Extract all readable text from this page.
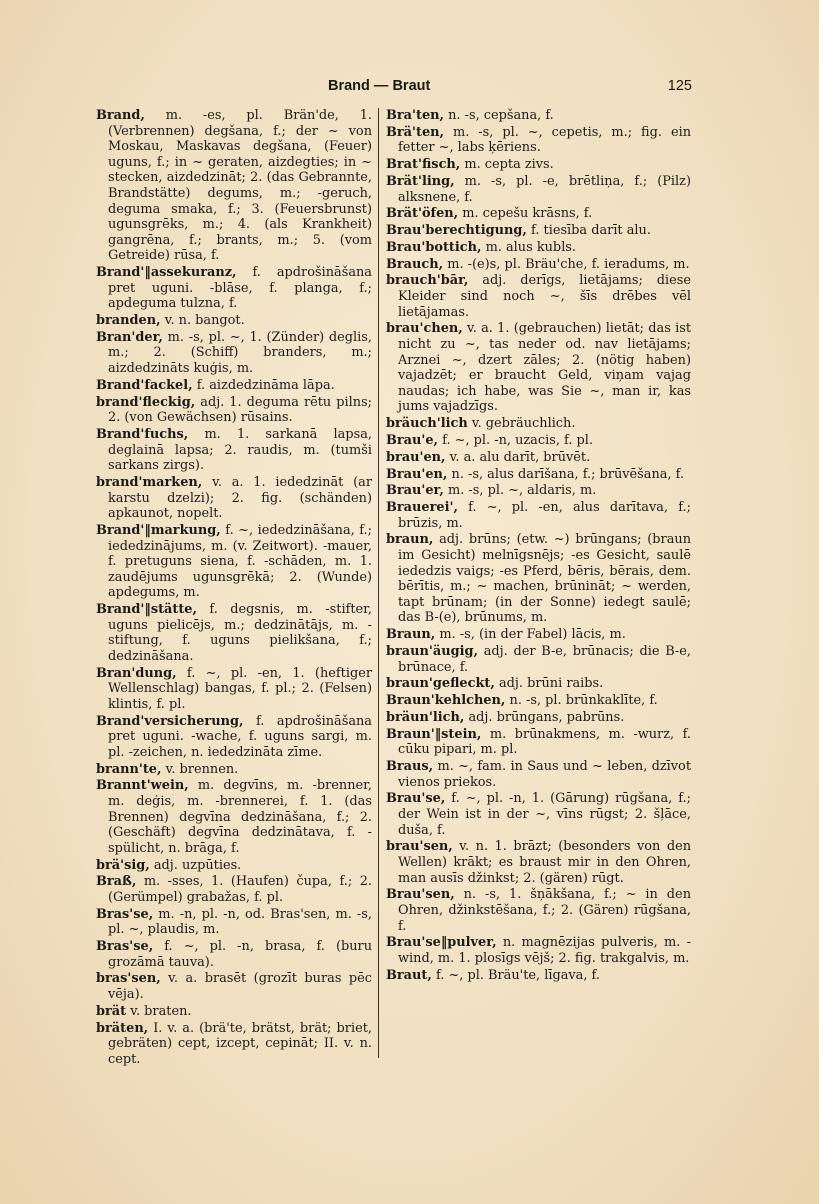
Brand — Braut	125

Brand, m. -es, pl. Brän'de, 1. (Verbrennen) degšana, f.; der ~ von Moskau, Maskavas degšana, (Feuer) uguns, f.; in ~ geraten, aizdegties; in ~ stecken, aizdedzināt; 2. (das Gebrannte, Brandstätte) degums, m.; -geruch, deguma smaka, f.; 3. (Feuersbrunst) ugunsgrēks, m.; 4. (als Krankheit) gangrēna, f.; brants, m.; 5. (vom Getreide) rūsa, f.

Brand'‖assekuranz, f. apdrošināšana pret uguni. -blāse, f. planga, f.; apdeguma tulzna, f.

branden, v. n. bangot.

Bran'der, m. -s, pl. ~, 1. (Zünder) deglis, m.; 2. (Schiff) branders, m.; aizdedzināts kuģis, m.

Brand'fackel, f. aizdedzināma lāpa.

brand'fleckig, adj. 1. deguma rētu pilns; 2. (von Gewächsen) rūsains.

Brand'fuchs, m. 1. sarkanā lapsa, deglainā lapsa; 2. raudis, m. (tumši sarkans zirgs).

brand'marken, v. a. 1. iededzināt (ar karstu dzelzi); 2. fig. (schänden) apkaunot, nopelt.

Brand'‖markung, f. ~, iededzināšana, f.; iededzinājums, m. (v. Zeitwort). -mauer, f. pretuguns siena, f. -schāden, m. 1. zaudējums ugunsgrēkā; 2. (Wunde) apdegums, m.

Brand'‖stätte, f. degsnis, m. -stifter, uguns pielicējs, m.; dedzinātājs, m. -stiftung, f. uguns pielikšana, f.; dedzināšana.

Bran'dung, f. ~, pl. -en, 1. (heftiger Wellenschlag) bangas, f. pl.; 2. (Felsen) klintis, f. pl.

Brand'versicherung, f. apdrošināšana pret uguni. -wache, f. uguns sargi, m. pl. -zeichen, n. iededzināta zīme.

brann'te, v. brennen.

Brannt'wein, m. degvīns, m. -brenner, m. deģis, m. -brennerei, f. 1. (das Brennen) degvīna dedzināšana, f.; 2. (Geschäft) degvīna dedzinātava, f. -spülicht, n. brāga, f.

brä'sig, adj. uzpūties.

Braß, m. -sses, 1. (Haufen) čupa, f.; 2. (Gerümpel) grabažas, f. pl.

Bras'se, m. -n, pl. -n, od. Bras'sen, m. -s, pl. ~, plaudis, m.

Bras'se, f. ~, pl. -n, brasa, f. (buru grozāmā tauva).

bras'sen, v. a. brasēt (grozīt buras pēc vēja).

brät v. braten.

bräten, I. v. a. (brä'te, brätst, brät; briet, gebräten) cept, izcept, cepināt; II. v. n. cept.

Bra'ten, n. -s, cepšana, f.

Brä'ten, m. -s, pl. ~, cepetis, m.; fig. ein fetter ~, labs ķēriens.

Brat'fisch, m. cepta zivs.

Brät'ling, m. -s, pl. -e, brētliņa, f.; (Pilz) alksnene, f.

Brät'öfen, m. cepešu krāsns, f.

Brau'berechtigung, f. tiesība darīt alu.

Brau'bottich, m. alus kubls.

Brauch, m. -(e)s, pl. Bräu'che, f. ieradums, m.

brauch'bār, adj. derīgs, lietājams; diese Kleider sind noch ~, šīs drēbes vēl lietājamas.

brau'chen, v. a. 1. (gebrauchen) lietāt; das ist nicht zu ~, tas neder od. nav lietājams; Arznei ~, dzert zāles; 2. (nötig haben) vajadzēt; er braucht Geld, viņam vajag naudas; ich habe, was Sie ~, man ir, kas jums vajadzīgs.

bräuch'lich v. gebräuchlich.

Brau'e, f. ~, pl. -n, uzacis, f. pl.

brau'en, v. a. alu darīt, brūvēt.

Brau'en, n. -s, alus darīšana, f.; brūvēšana, f.

Brau'er, m. -s, pl. ~, aldaris, m.

Brauerei', f. ~, pl. -en, alus darītava, f.; brūzis, m.

braun, adj. brūns; (etw. ~) brūngans; (braun im Gesicht) melnīgsnējs; -es Gesicht, saulē iededzis vaigs; -es Pferd, bēris, bērais, dem. bērītis, m.; ~ machen, brūnināt; ~ werden, tapt brūnam; (in der Sonne) iedegt saulē; das B-(e), brūnums, m.

Braun, m. -s, (in der Fabel) lācis, m.

braun'äugig, adj. der B-e, brūnacis; die B-e, brūnace, f.

braun'gefleckt, adj. brūni raibs.

Braun'kehlchen, n. -s, pl. brūnkaklīte, f.

bräun'lich, adj. brūngans, pabrūns.

Braun'‖stein, m. brūnakmens, m. -wurz, f. cūku pipari, m. pl.

Braus, m. ~, fam. in Saus und ~ leben, dzīvot vienos priekos.

Brau'se, f. ~, pl. -n, 1. (Gārung) rūgšana, f.; der Wein ist in der ~, vīns rūgst; 2. šļāce, duša, f.

brau'sen, v. n. 1. brāzt; (besonders von den Wellen) krākt; es braust mir in den Ohren, man ausīs džinkst; 2. (gären) rūgt.

Brau'sen, n. -s, 1. šņākšana, f.; ~ in den Ohren, džinkstēšana, f.; 2. (Gären) rūgšana, f.

Brau'se‖pulver, n. magnēzijas pulveris, m. -wind, m. 1. plosīgs vējš; 2. fig. trakgalvis, m.

Braut, f. ~, pl. Bräu'te, līgava, f.
